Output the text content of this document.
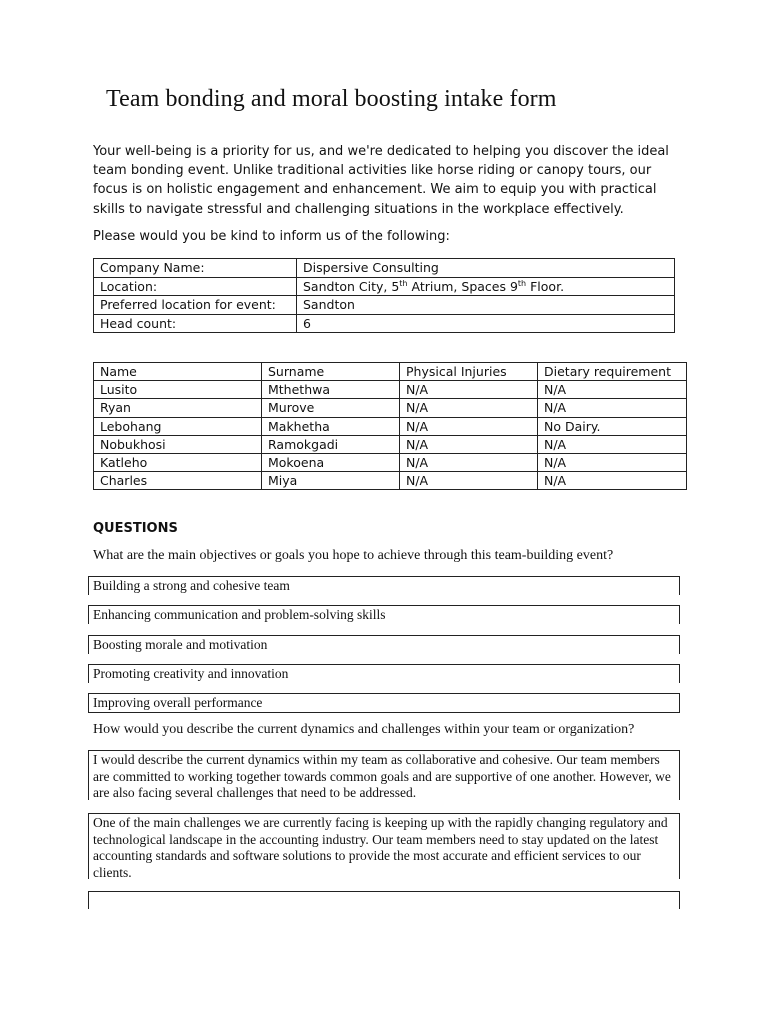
Team bonding and moral boosting intake form
Your well-being is a priority for us, and we're dedicated to helping you discover the ideal team bonding event. Unlike traditional activities like horse riding or canopy tours, our focus is on holistic engagement and enhancement. We aim to equip you with practical skills to navigate stressful and challenging situations in the workplace effectively.
Please would you be kind to inform us of the following:
Company Name:	Dispersive Consulting
Location:	Sandton City, 5th Atrium, Spaces 9th Floor.
Preferred location for event:	Sandton
Head count:	6
Name	Surname	Physical Injuries	Dietary requirement
Lusito	Mthethwa	N/A	N/A
Ryan	Murove	N/A	N/A
Lebohang	Makhetha	N/A	No Dairy.
Nobukhosi	Ramokgadi	N/A	N/A
Katleho	Mokoena	N/A	N/A
Charles	Miya	N/A	N/A
QUESTIONS
What are the main objectives or goals you hope to achieve through this team-building event?
Building a strong and cohesive team
Enhancing communication and problem-solving skills
Boosting morale and motivation
Promoting creativity and innovation
Improving overall performance
How would you describe the current dynamics and challenges within your team or organization?
I would describe the current dynamics within my team as collaborative and cohesive. Our team members are committed to working together towards common goals and are supportive of one another. However, we are also facing several challenges that need to be addressed.
One of the main challenges we are currently facing is keeping up with the rapidly changing regulatory and technological landscape in the accounting industry. Our team members need to stay updated on the latest accounting standards and software solutions to provide the most accurate and efficient services to our clients.
